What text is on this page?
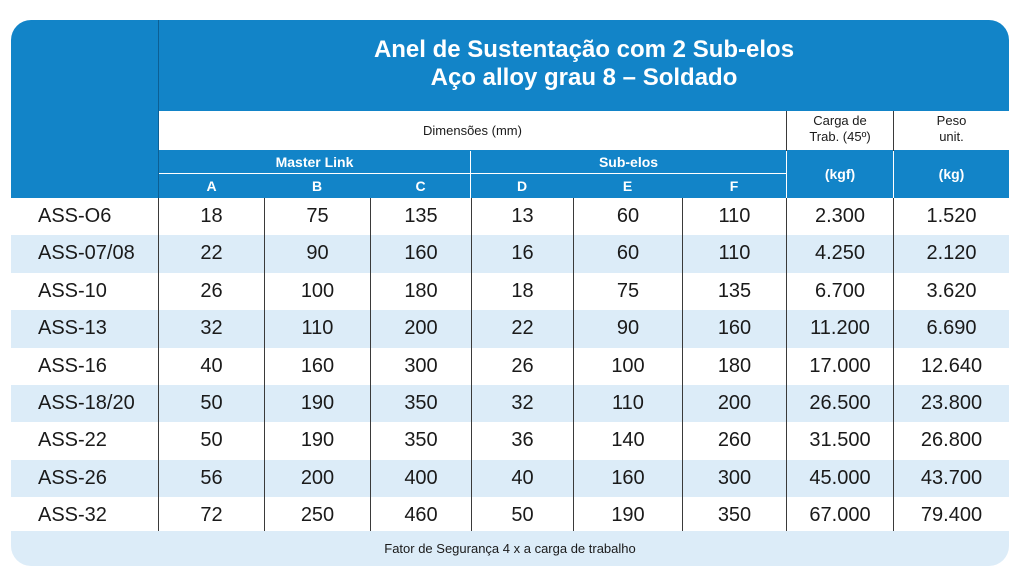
Anel de Sustentação com 2 Sub-elos
Aço alloy grau 8 – Soldado
Dimensões (mm)
Carga de
Trab. (45º)
Peso
unit.
Master Link	Sub-elos
A	B	C	D	E	F
(kgf)	(kg)
ASS-O6	18	75	135	13	60	110	2.300	1.520
ASS-07/08	22	90	160	16	60	110	4.250	2.120
ASS-10	26	100	180	18	75	135	6.700	3.620
ASS-13	32	110	200	22	90	160	11.200	6.690
ASS-16	40	160	300	26	100	180	17.000	12.640
ASS-18/20	50	190	350	32	110	200	26.500	23.800
ASS-22	50	190	350	36	140	260	31.500	26.800
ASS-26	56	200	400	40	160	300	45.000	43.700
ASS-32	72	250	460	50	190	350	67.000	79.400
Fator de Segurança 4 x a carga de trabalho
